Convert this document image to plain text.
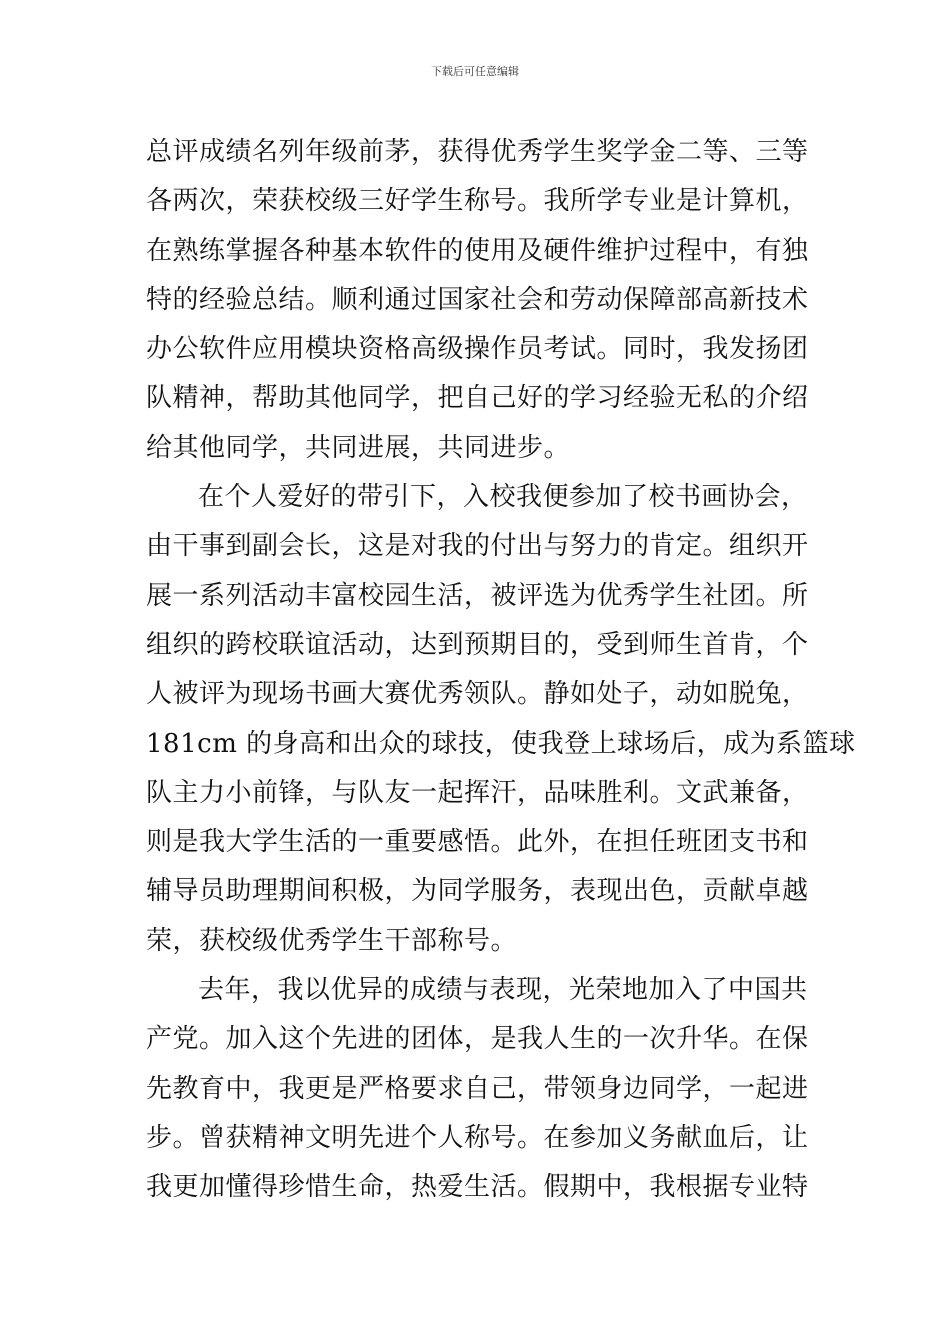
下载后可任意编辑
总评成绩名列年级前茅，获得优秀学生奖学金二等、三等
各两次，荣获校级三好学生称号。我所学专业是计算机，
在熟练掌握各种基本软件的使用及硬件维护过程中，有独
特的经验总结。顺利通过国家社会和劳动保障部高新技术
办公软件应用模块资格高级操作员考试。同时，我发扬团
队精神，帮助其他同学，把自己好的学习经验无私的介绍
给其他同学，共同进展，共同进步。
在个人爱好的带引下，入校我便参加了校书画协会，
由干事到副会长，这是对我的付出与努力的肯定。组织开
展一系列活动丰富校园生活，被评选为优秀学生社团。所
组织的跨校联谊活动，达到预期目的，受到师生首肯，个
人被评为现场书画大赛优秀领队。静如处子，动如脱兔，
181cm 的身高和出众的球技，使我登上球场后，成为系篮球
队主力小前锋，与队友一起挥汗，品味胜利。文武兼备，
则是我大学生活的一重要感悟。此外，在担任班团支书和
辅导员助理期间积极，为同学服务，表现出色，贡献卓越
荣，获校级优秀学生干部称号。
去年，我以优异的成绩与表现，光荣地加入了中国共
产党。加入这个先进的团体，是我人生的一次升华。在保
先教育中，我更是严格要求自己，带领身边同学，一起进
步。曾获精神文明先进个人称号。在参加义务献血后，让
我更加懂得珍惜生命，热爱生活。假期中，我根据专业特
